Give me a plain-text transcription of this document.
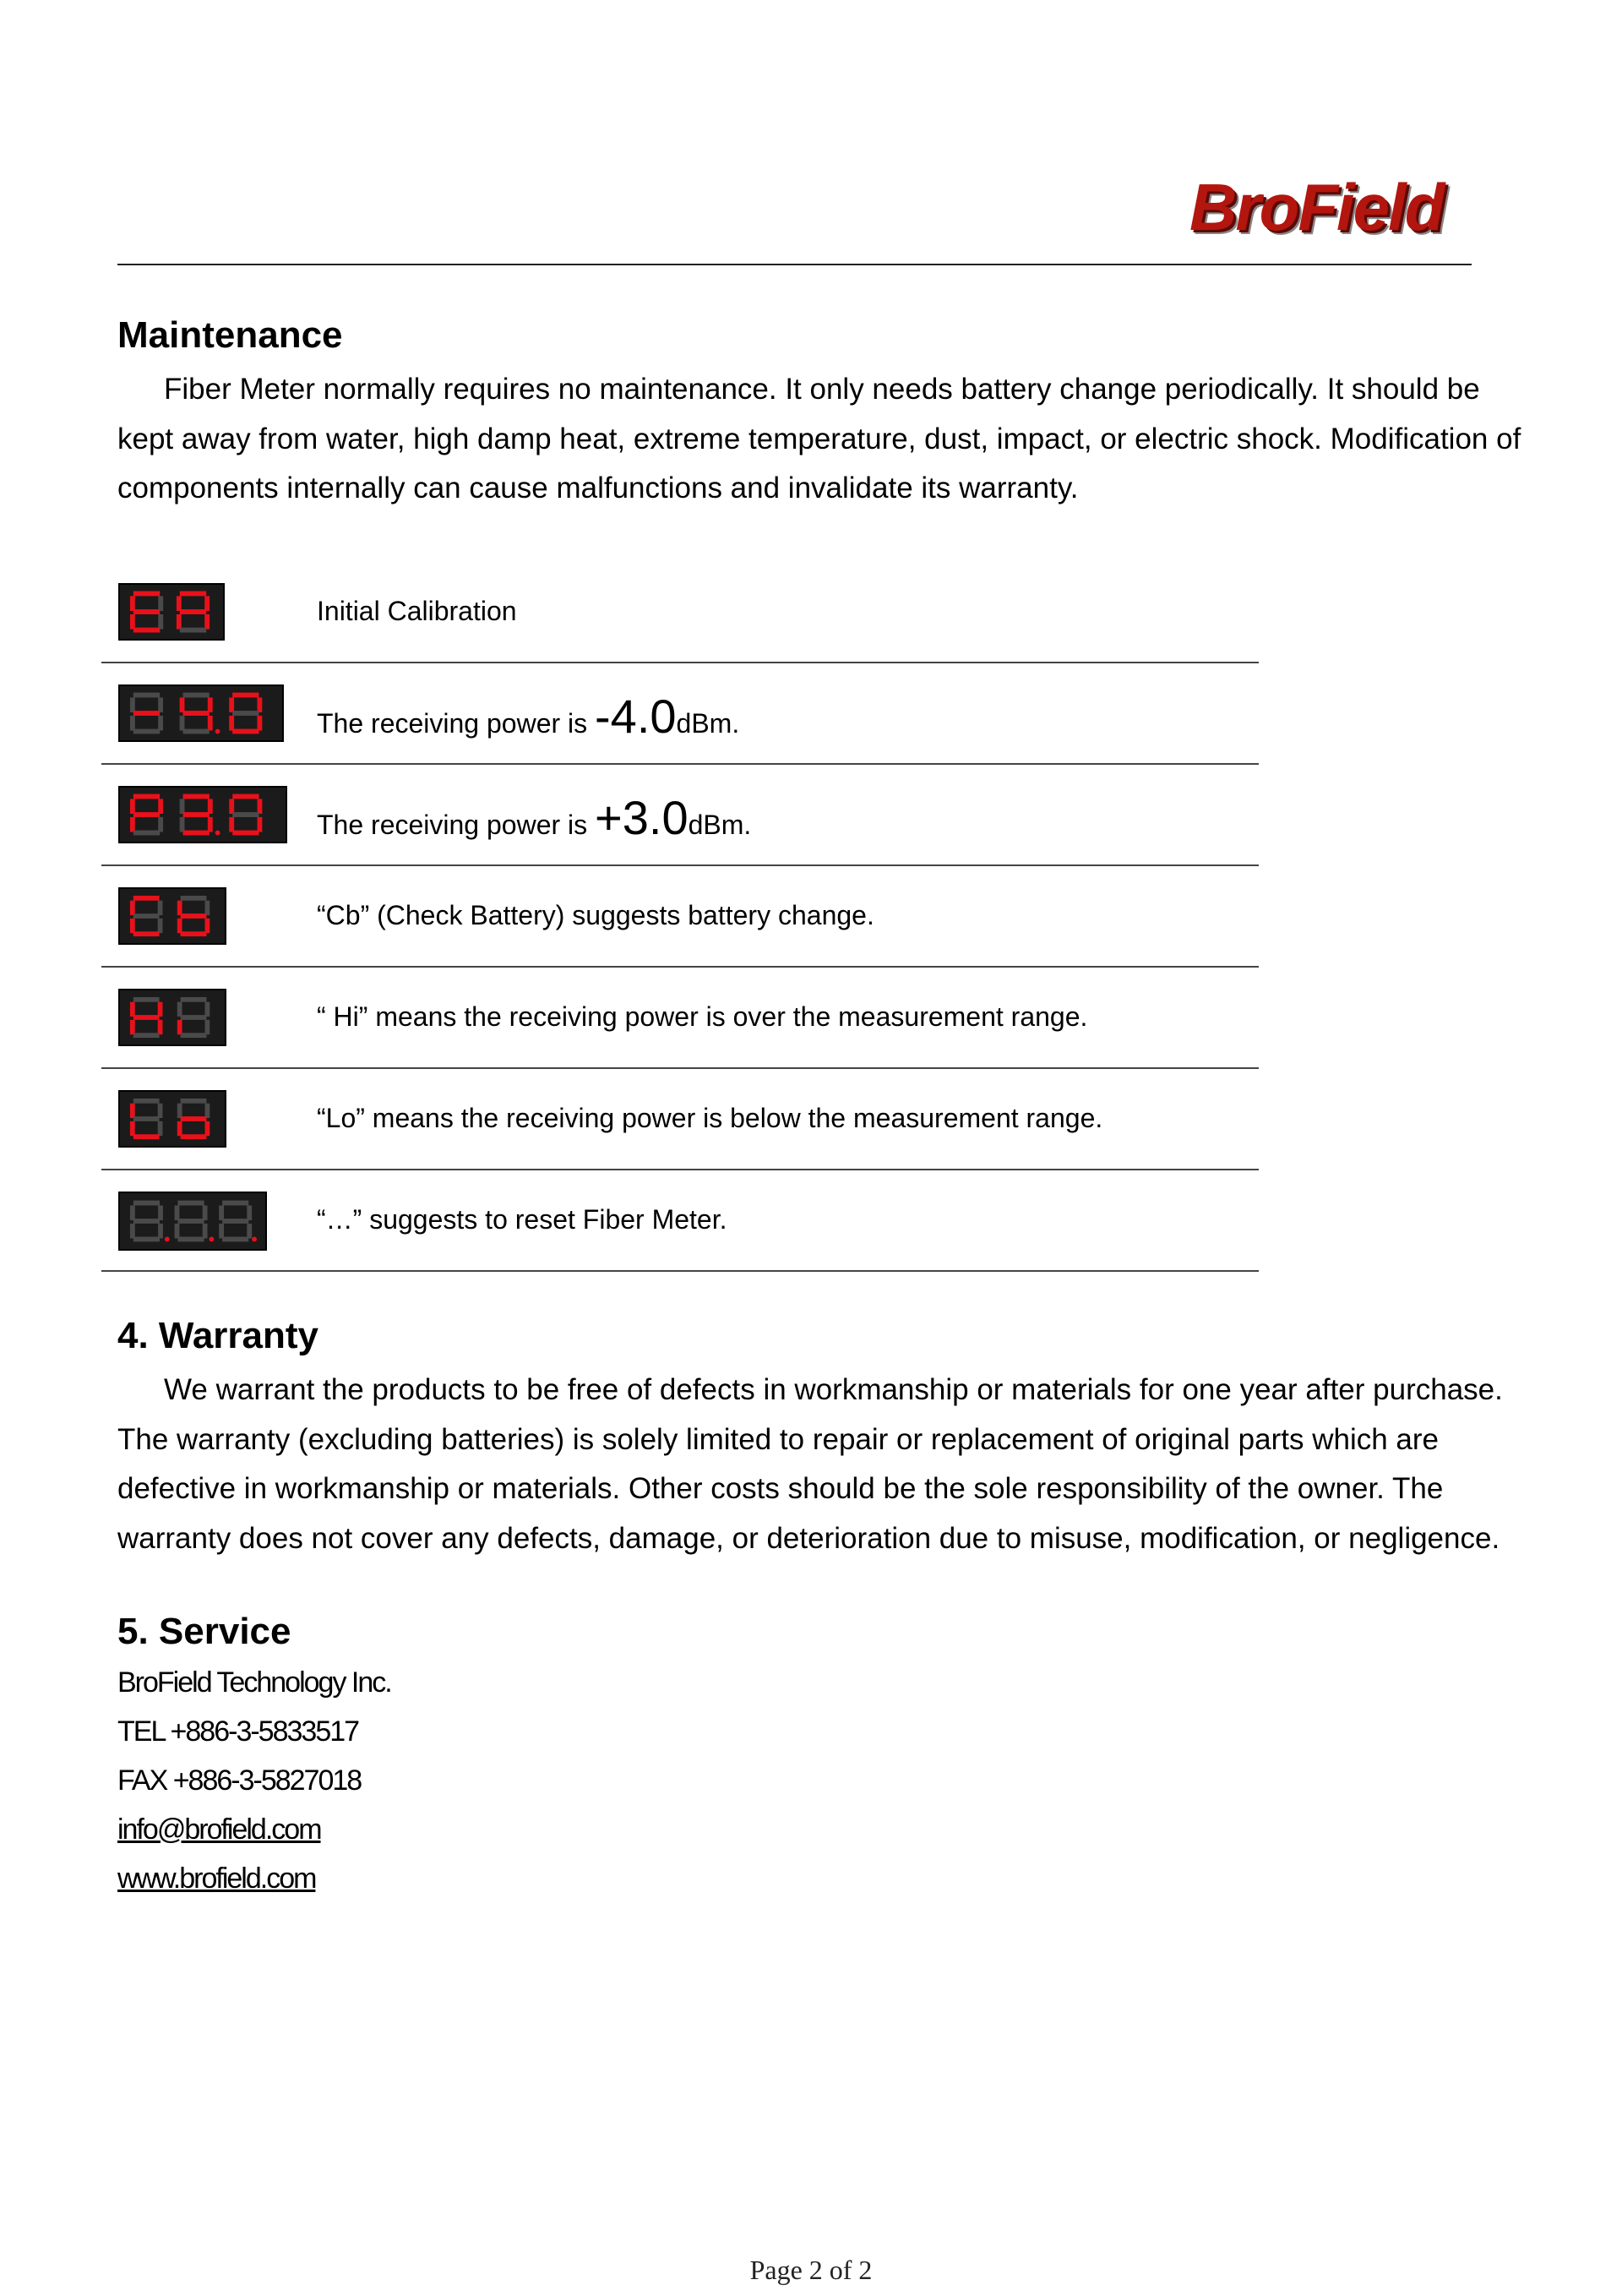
BroField
Maintenance
Fiber Meter normally requires no maintenance. It only needs battery change periodically. It should be kept away from water, high damp heat, extreme temperature, dust, impact, or electric shock. Modification of components internally can cause malfunctions and invalidate its warranty.
Initial Calibration
The receiving power is -4.0dBm.
The receiving power is +3.0dBm.
“Cb” (Check Battery) suggests battery change.
“ Hi” means the receiving power is over the measurement range.
“Lo” means the receiving power is below the measurement range.
“…” suggests to reset Fiber Meter.
4. Warranty
We warrant the products to be free of defects in workmanship or materials for one year after purchase. The warranty (excluding batteries) is solely limited to repair or replacement of original parts which are defective in workmanship or materials. Other costs should be the sole responsibility of the owner. The warranty does not cover any defects, damage, or deterioration due to misuse, modification, or negligence.
5. Service
BroField Technology Inc.
TEL +886-3-5833517
FAX +886-3-5827018
info@brofield.com
www.brofield.com
Page 2 of 2
